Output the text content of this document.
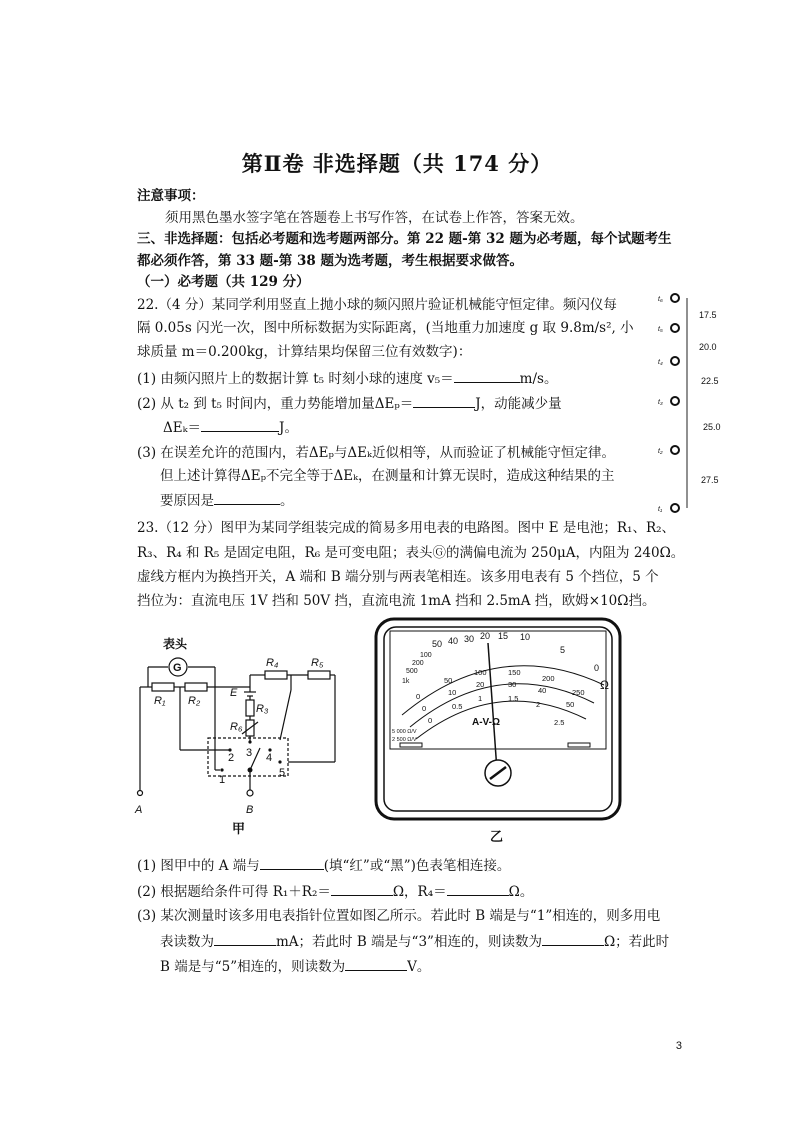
第Ⅱ卷 非选择题（共 174 分）
注意事项：
须用黑色墨水签字笔在答题卷上书写作答，在试卷上作答，答案无效。
三、非选择题：包括必考题和选考题两部分。第 22 题-第 32 题为必考题，每个试题考生
都必须作答，第 33 题-第 38 题为选考题，考生根据要求做答。
（一）必考题（共 129 分）
22.（4 分）某同学利用竖直上抛小球的频闪照片验证机械能守恒定律。频闪仪每
隔 0.05s 闪光一次，图中所标数据为实际距离，(当地重力加速度 g 取 9.8m/s², 小
球质量 m＝0.200kg，计算结果均保留三位有效数字)：
(1) 由频闪照片上的数据计算 t₅ 时刻小球的速度 v₅＝	m/s。
(2) 从 t₂ 到 t₅ 时间内，重力势能增加量ΔEₚ＝	J，动能减少量
ΔEₖ＝	J。
(3) 在误差允许的范围内，若ΔEₚ与ΔEₖ近似相等，从而验证了机械能守恒定律。
但上述计算得ΔEₚ不完全等于ΔEₖ，在测量和计算无误时，造成这种结果的主
要原因是	。
t₆
t₅
t₄
t₃
t₂
t₁
17.5
20.0
22.5
25.0
27.5
23.（12 分）图甲为某同学组装完成的简易多用电表的电路图。图中 E 是电池；R₁、R₂、
R₃、R₄ 和 R₅ 是固定电阻，R₆ 是可变电阻；表头Ⓖ的满偏电流为 250μA，内阻为 240Ω。
虚线方框内为换挡开关，A 端和 B 端分别与两表笔相连。该多用电表有 5 个挡位，5 个
挡位为：直流电压 1V 挡和 50V 挡，直流电流 1mA 挡和 2.5mA 挡，欧姆×10Ω挡。
表头
G
R₁ R₂
R₄	R₅
E
R₃
R₆
1
2 3 4
5
A	B
甲
50 40 30 20 15 10
5
0
Ω
1k
500
200
100
0
50
100	150
200
250
0
10
20	30
40
50
0
0.5
1	1.5
2
2.5
A-V-Ω
5 000 Ω/V
2 500 Ω/V
乙
(1) 图甲中的 A 端与	(填“红”或“黑”)色表笔相连接。
(2) 根据题给条件可得 R₁＋R₂＝	Ω，R₄＝	Ω。
(3) 某次测量时该多用电表指针位置如图乙所示。若此时 B 端是与“1”相连的，则多用电
表读数为	mA；若此时 B 端是与“3”相连的，则读数为	Ω；若此时
B 端是与“5”相连的，则读数为	V。
3
